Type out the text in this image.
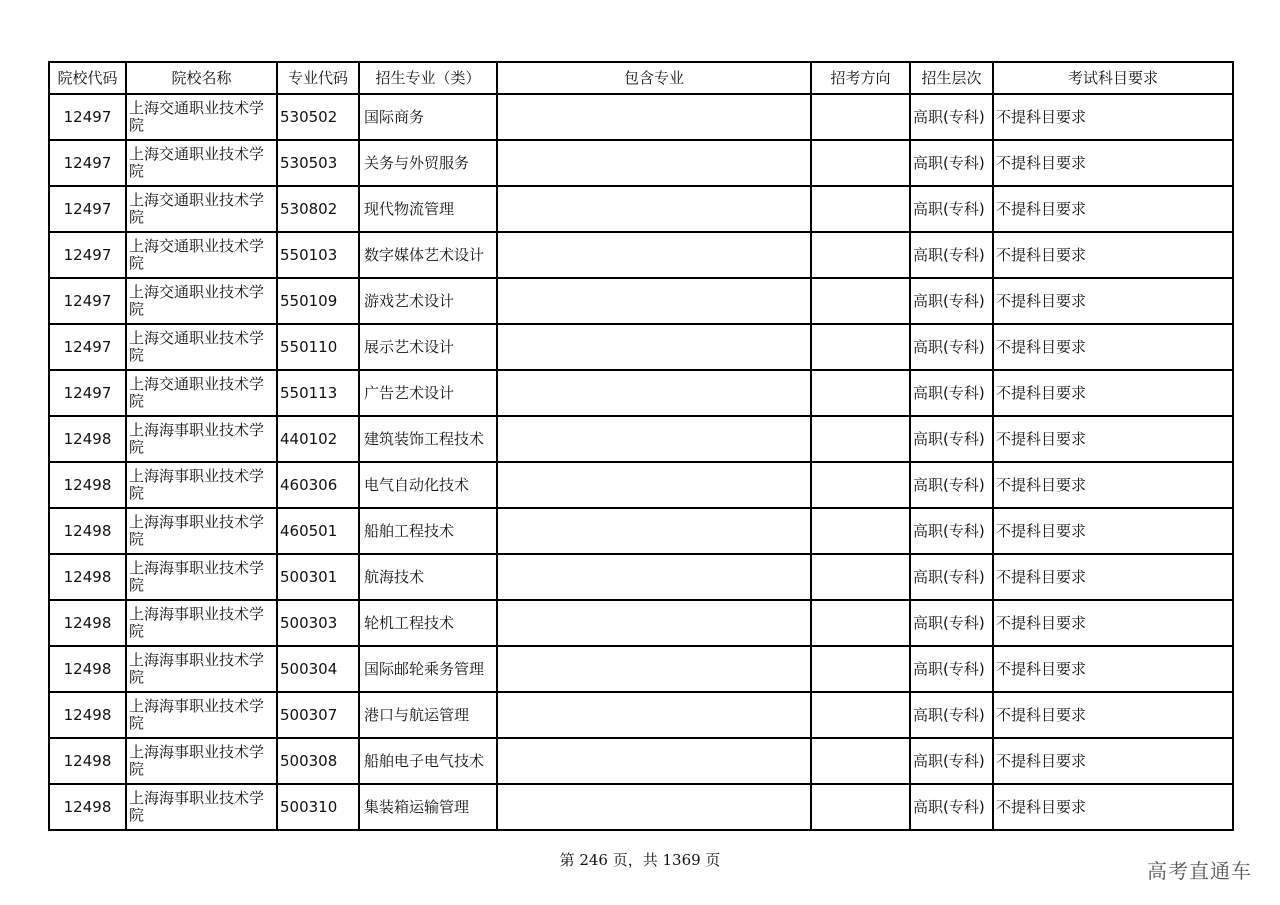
院校代码	院校名称	专业代码	招生专业（类）	包含专业	招考方向	招生层次	考试科目要求
12497	上海交通职业技术学院	530502	国际商务			高职(专科)	不提科目要求
12497	上海交通职业技术学院	530503	关务与外贸服务			高职(专科)	不提科目要求
12497	上海交通职业技术学院	530802	现代物流管理			高职(专科)	不提科目要求
12497	上海交通职业技术学院	550103	数字媒体艺术设计			高职(专科)	不提科目要求
12497	上海交通职业技术学院	550109	游戏艺术设计			高职(专科)	不提科目要求
12497	上海交通职业技术学院	550110	展示艺术设计			高职(专科)	不提科目要求
12497	上海交通职业技术学院	550113	广告艺术设计			高职(专科)	不提科目要求
12498	上海海事职业技术学院	440102	建筑装饰工程技术			高职(专科)	不提科目要求
12498	上海海事职业技术学院	460306	电气自动化技术			高职(专科)	不提科目要求
12498	上海海事职业技术学院	460501	船舶工程技术			高职(专科)	不提科目要求
12498	上海海事职业技术学院	500301	航海技术			高职(专科)	不提科目要求
12498	上海海事职业技术学院	500303	轮机工程技术			高职(专科)	不提科目要求
12498	上海海事职业技术学院	500304	国际邮轮乘务管理			高职(专科)	不提科目要求
12498	上海海事职业技术学院	500307	港口与航运管理			高职(专科)	不提科目要求
12498	上海海事职业技术学院	500308	船舶电子电气技术			高职(专科)	不提科目要求
12498	上海海事职业技术学院	500310	集装箱运输管理			高职(专科)	不提科目要求
第 246 页，共 1369 页	高考直通车
